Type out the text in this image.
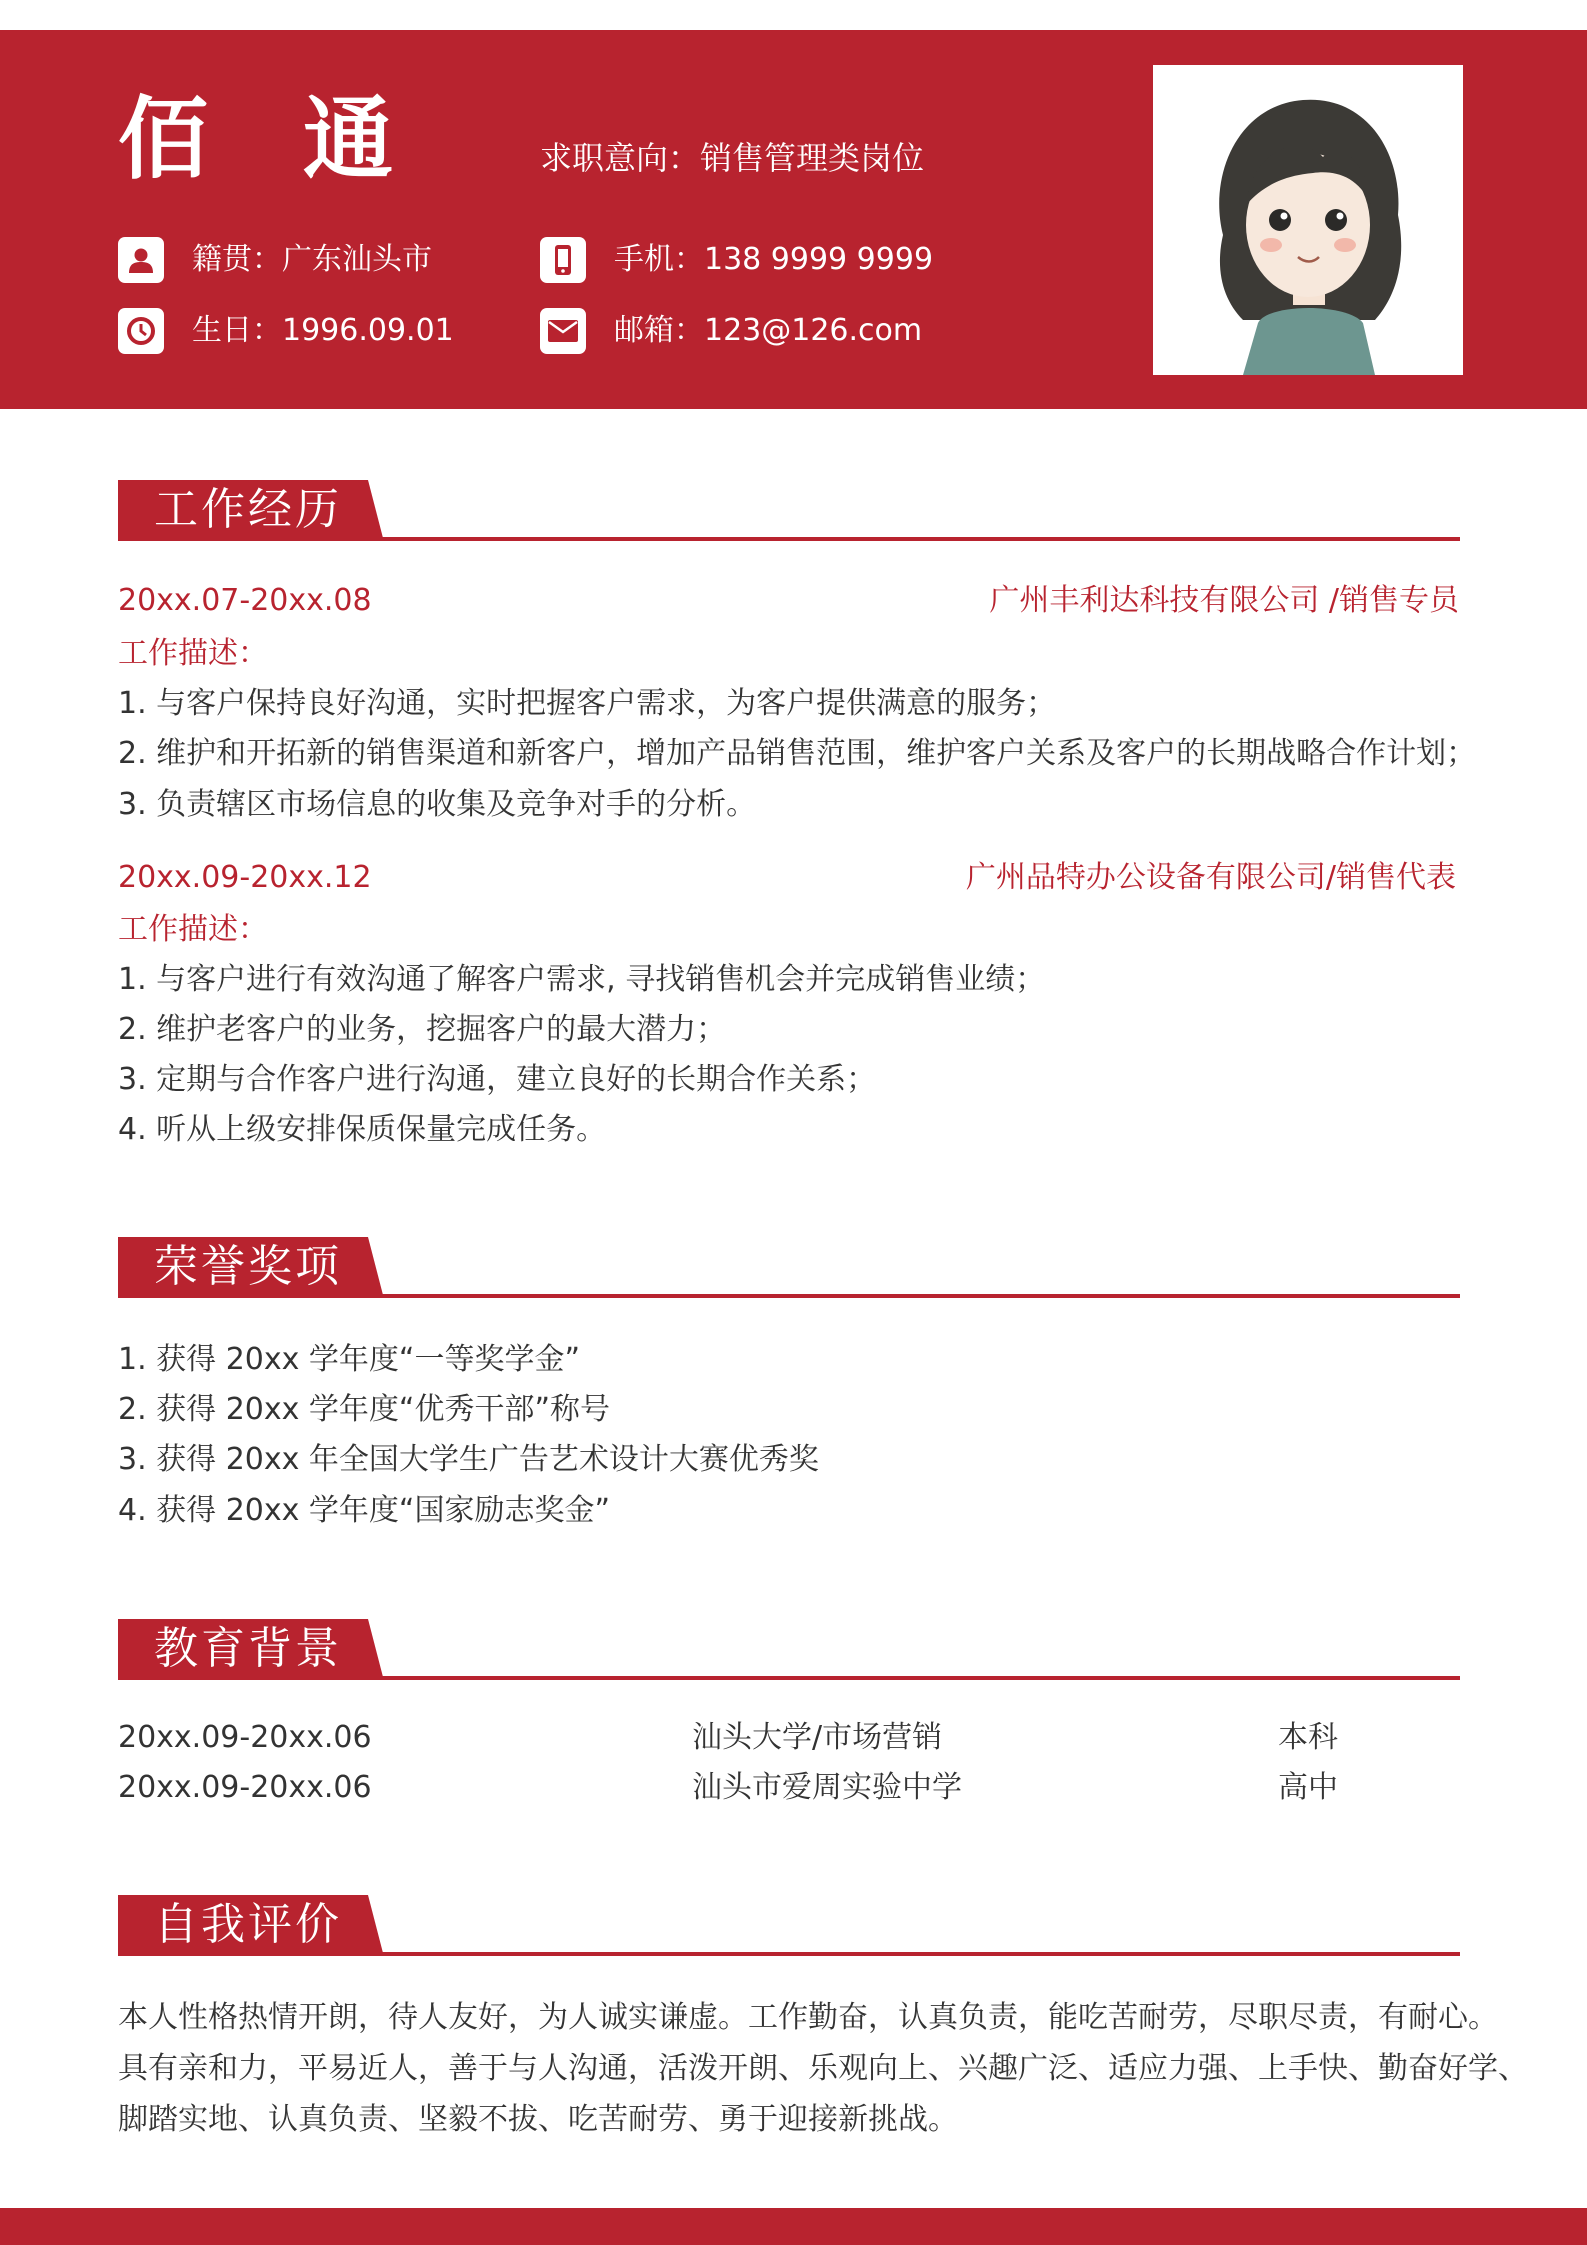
佰通 求职意向：销售管理类岗位
籍贯：广东汕头市	手机：138 9999 9999
生日：1996.09.01	邮箱：123@126.com
工作经历
20xx.07-20xx.08	广州丰利达科技有限公司 /销售专员
工作描述：
1. 与客户保持良好沟通，实时把握客户需求，为客户提供满意的服务；
2. 维护和开拓新的销售渠道和新客户，增加产品销售范围，维护客户关系及客户的长期战略合作计划；
3. 负责辖区市场信息的收集及竞争对手的分析。
20xx.09-20xx.12	广州品特办公设备有限公司/销售代表
工作描述：
1. 与客户进行有效沟通了解客户需求, 寻找销售机会并完成销售业绩；
2. 维护老客户的业务，挖掘客户的最大潜力；
3. 定期与合作客户进行沟通，建立良好的长期合作关系；
4. 听从上级安排保质保量完成任务。
荣誉奖项
1. 获得 20xx 学年度“一等奖学金”
2. 获得 20xx 学年度“优秀干部”称号
3. 获得 20xx 年全国大学生广告艺术设计大赛优秀奖
4. 获得 20xx 学年度“国家励志奖金”
教育背景
20xx.09-20xx.06	汕头大学/市场营销	本科
20xx.09-20xx.06	汕头市爱周实验中学	高中
自我评价
本人性格热情开朗，待人友好，为人诚实谦虚。工作勤奋，认真负责，能吃苦耐劳，尽职尽责，有耐心。
具有亲和力，平易近人，善于与人沟通，活泼开朗、乐观向上、兴趣广泛、适应力强、上手快、勤奋好学、
脚踏实地、认真负责、坚毅不拔、吃苦耐劳、勇于迎接新挑战。
